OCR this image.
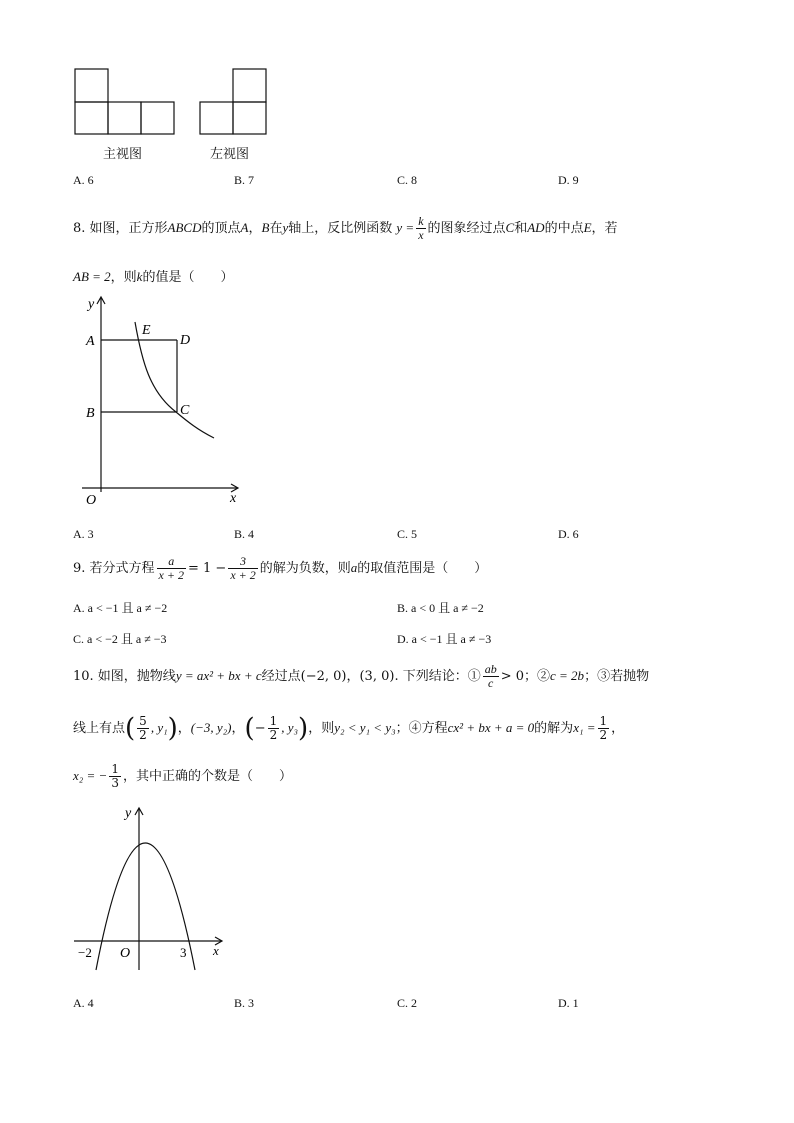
主视图	左视图
A. 6	B. 7	C. 8	D. 9
8. 如图，正方形ABCD的顶点A，B在y轴上，反比例函数 $y = \frac{k}{x}$ 的图象经过点C和AD的中点E，若
AB = 2，则k的值是（　　）
y
A
E
D
B	C
O	x
A. 3	B. 4	C. 5	D. 6
9. 若分式方程 $\frac{a}{x + 2} = 1 - \frac{3}{x + 2}$ 的解为负数，则a的取值范围是（　　）
A. a < −1 且 a ≠ −2	B. a < 0 且 a ≠ −2
C. a < −2 且 a ≠ −3	D. a < −1 且 a ≠ −3
10. 如图，抛物线y = ax² + bx + c经过点(−2, 0)，(3, 0). 下列结论：① $\frac{ab}{c} > 0$；②c = 2b；③若抛物
线上有点( $\frac{5}{2}$ , y₁)，(−3, y₂)，(− $\frac{1}{2}$ , y₃)，则y₂ < y₁ < y₃；④方程cx² + bx + a = 0的解为$x_1 = \frac{1}{2}$ ，
x₂ = − $\frac{1}{3}$ ，其中正确的个数是（　　）
y
x
−2 O	3
A. 4	B. 3	C. 2	D. 1
